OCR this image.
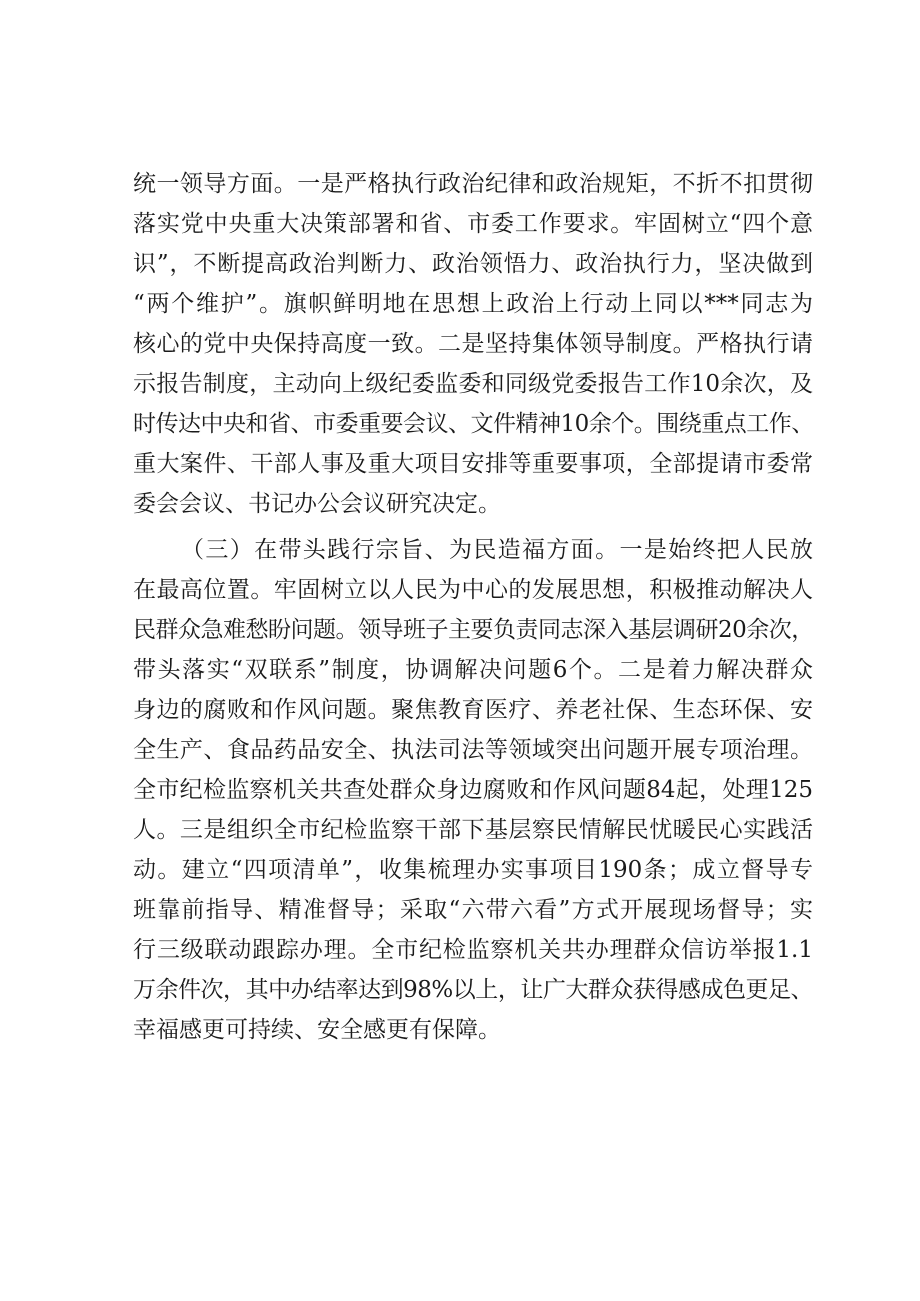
统一领导方面。一是严格执行政治纪律和政治规矩，不折不扣贯彻
落实党中央重大决策部署和省、市委工作要求。牢固树立“四个意
识”，不断提高政治判断力、政治领悟力、政治执行力，坚决做到
“两个维护”。旗帜鲜明地在思想上政治上行动上同以***同志为
核心的党中央保持高度一致。二是坚持集体领导制度。严格执行请
示报告制度，主动向上级纪委监委和同级党委报告工作10余次，及
时传达中央和省、市委重要会议、文件精神10余个。围绕重点工作、
重大案件、干部人事及重大项目安排等重要事项，全部提请市委常
委会会议、书记办公会议研究决定。
（三）在带头践行宗旨、为民造福方面。一是始终把人民放
在最高位置。牢固树立以人民为中心的发展思想，积极推动解决人
民群众急难愁盼问题。领导班子主要负责同志深入基层调研20余次，
带头落实“双联系”制度，协调解决问题6个。二是着力解决群众
身边的腐败和作风问题。聚焦教育医疗、养老社保、生态环保、安
全生产、食品药品安全、执法司法等领域突出问题开展专项治理。
全市纪检监察机关共查处群众身边腐败和作风问题84起，处理125
人。三是组织全市纪检监察干部下基层察民情解民忧暖民心实践活
动。建立“四项清单”，收集梳理办实事项目190条；成立督导专
班靠前指导、精准督导；采取“六带六看”方式开展现场督导；实
行三级联动跟踪办理。全市纪检监察机关共办理群众信访举报1.1
万余件次，其中办结率达到98%以上，让广大群众获得感成色更足、
幸福感更可持续、安全感更有保障。
